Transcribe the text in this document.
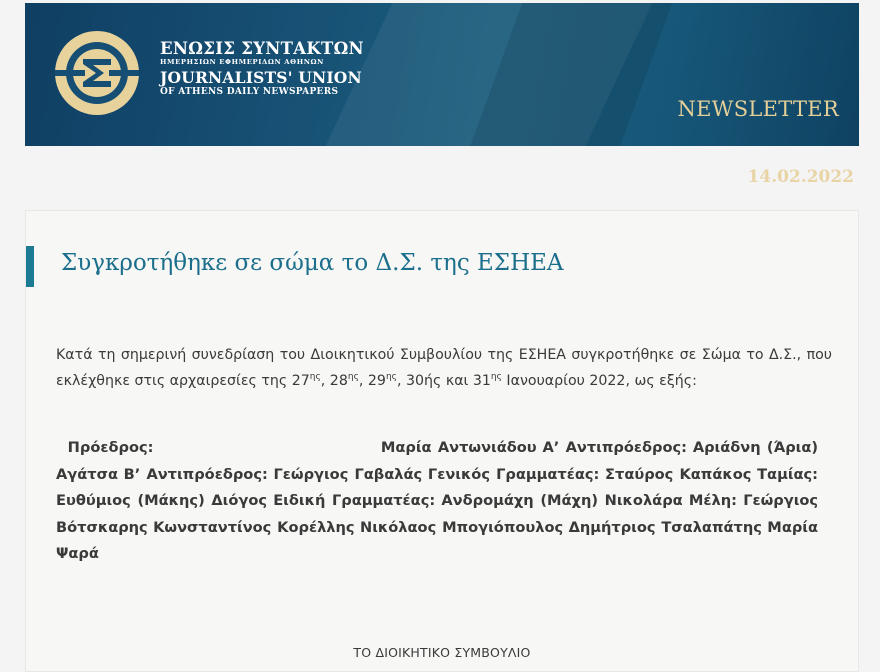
ΕΝΩΣΙΣ ΣΥΝΤΑΚΤΩΝ
ΗΜΕΡΗΣΙΩΝ ΕΦΗΜΕΡΙΔΩΝ ΑΘΗΝΩΝ
JOURNALISTS' UNION
OF ATHENS DAILY NEWSPAPERS
NEWSLETTER
14.02.2022
Συγκροτήθηκε σε σώμα το Δ.Σ. της ΕΣΗΕΑ
Κατά τη σημερινή συνεδρίαση του Διοικητικού Συμβουλίου της ΕΣΗΕΑ συγκροτήθηκε σε Σώμα το Δ.Σ., που εκλέχθηκε στις αρχαιρεσίες της $27^{\eta\varsigma}$, $28^{\eta\varsigma}$, $29^{\eta\varsigma}$, 30ής και $31^{\eta\varsigma}$ Ιανουαρίου 2022, ως εξής:
Πρόεδρος:	Μαρία Αντωνιάδου Α’ Αντιπρόεδρος: Αριάδνη (Άρια) Αγάτσα Β’ Αντιπρόεδρος: Γεώργιος Γαβαλάς Γενικός Γραμματέας: Σταύρος Καπάκος Ταμίας: Ευθύμιος (Μάκης) Διόγος Ειδική Γραμματέας: Ανδρομάχη (Μάχη) Νικολάρα Μέλη: Γεώργιος Βότσκαρης Κωνσταντίνος Κορέλλης Νικόλαος Μπογιόπουλος Δημήτριος Τσαλαπάτης Μαρία Ψαρά
ΤΟ ΔΙΟΙΚΗΤΙΚΟ ΣΥΜΒΟΥΛΙΟ
